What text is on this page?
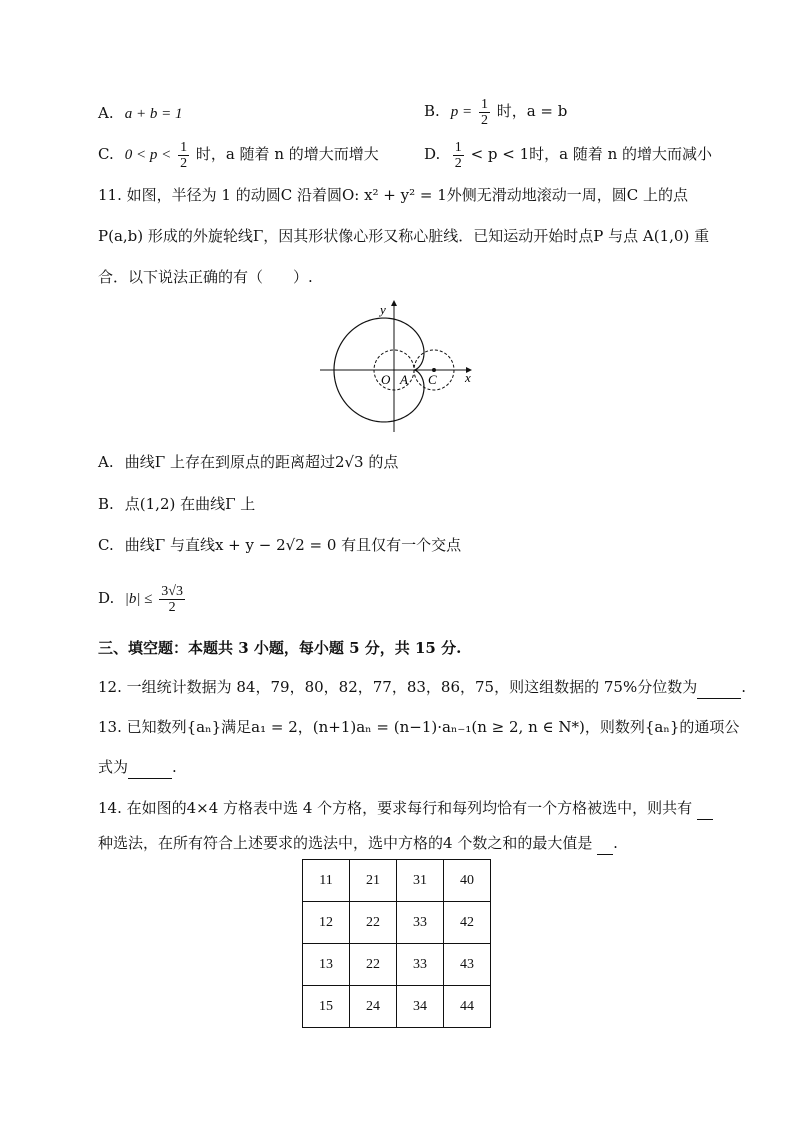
A. a + b = 1	B. $p = \frac{1}{2}$ 时，a = b
C. $0 < p < \frac{1}{2}$ 时，a 随着 n 的增大而增大	D. $\frac{1}{2} < p < 1$时，a 随着 n 的增大而减小
11. 如图，半径为 1 的动圆C 沿着圆O: x² + y² = 1外侧无滑动地滚动一周，圆C 上的点
P(a,b) 形成的外旋轮线Γ，因其形状像心形又称心脏线．已知运动开始时点P 与点 A(1,0) 重
合．以下说法正确的有（　　）.
y
x
O A C
A. 曲线Γ 上存在到原点的距离超过2√3 的点
B. 点(1,2) 在曲线Γ 上
C. 曲线Γ 与直线x + y − 2√2 = 0 有且仅有一个交点
D. $|b| \le \frac{3√3}{2}$
三、填空题：本题共 3 小题，每小题 5 分，共 15 分.
12. 一组统计数据为 84，79，80，82，77，83，86，75，则这组数据的 75%分位数为	.
13. 已知数列{aₙ}满足a₁ = 2，(n+1)aₙ = (n−1)·aₙ₋₁(n ≥ 2, n ∈ N*)，则数列{aₙ}的通项公
式为	.
14. 在如图的4×4 方格表中选 4 个方格，要求每行和每列均恰有一个方格被选中，则共有
种选法，在所有符合上述要求的选法中，选中方格的4 个数之和的最大值是 .
11	21	31	40
12	22	33	42
13	22	33	43
15	24	34	44
